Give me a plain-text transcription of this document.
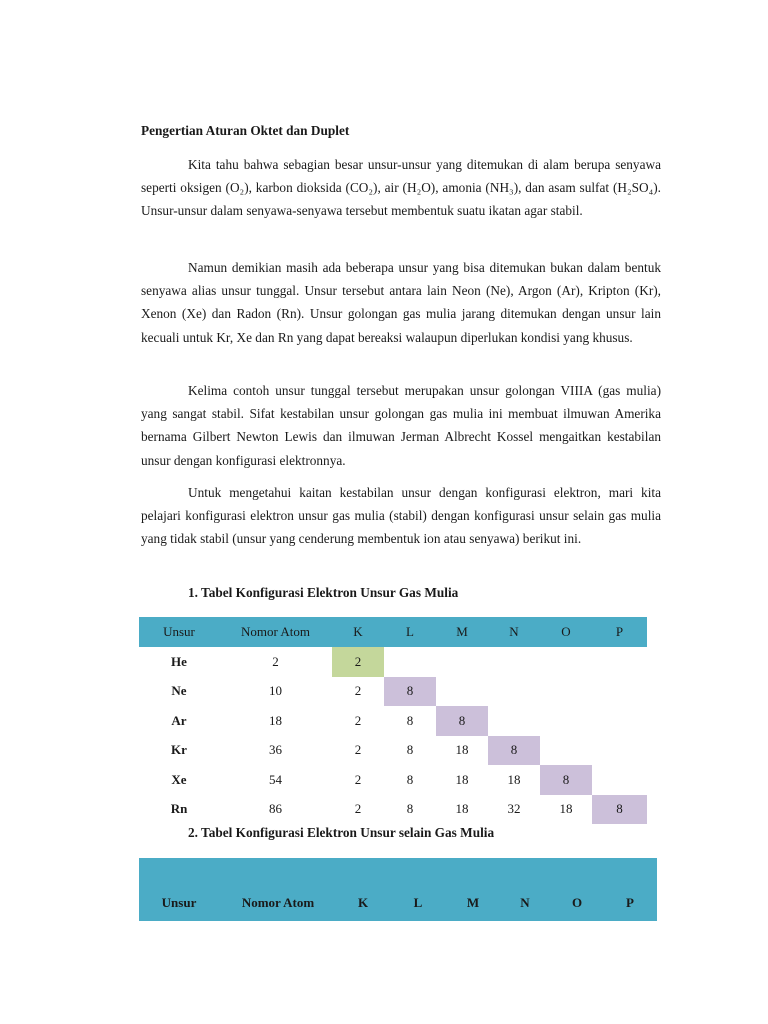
Pengertian Aturan Oktet dan Duplet

Kita tahu bahwa sebagian besar unsur-unsur yang ditemukan di alam berupa senyawa seperti oksigen (O₂), karbon dioksida (CO₂), air (H₂O), amonia (NH₃), dan asam sulfat (H₂SO₄). Unsur-unsur dalam senyawa-senyawa tersebut membentuk suatu ikatan agar stabil.

Namun demikian masih ada beberapa unsur yang bisa ditemukan bukan dalam bentuk senyawa alias unsur tunggal. Unsur tersebut antara lain Neon (Ne), Argon (Ar), Kripton (Kr), Xenon (Xe) dan Radon (Rn). Unsur golongan gas mulia jarang ditemukan dengan unsur lain kecuali untuk Kr, Xe dan Rn yang dapat bereaksi walaupun diperlukan kondisi yang khusus.

Kelima contoh unsur tunggal tersebut merupakan unsur golongan VIIIA (gas mulia) yang sangat stabil. Sifat kestabilan unsur golongan gas mulia ini membuat ilmuwan Amerika bernama Gilbert Newton Lewis dan ilmuwan Jerman Albrecht Kossel mengaitkan kestabilan unsur dengan konfigurasi elektronnya.

Untuk mengetahui kaitan kestabilan unsur dengan konfigurasi elektron, mari kita pelajari konfigurasi elektron unsur gas mulia (stabil) dengan konfigurasi unsur selain gas mulia yang tidak stabil (unsur yang cenderung membentuk ion atau senyawa) berikut ini.

1. Tabel Konfigurasi Elektron Unsur Gas Mulia

Unsur	Nomor Atom	K	L	M	N	O	P
He	2	2					
Ne	10	2	8				
Ar	18	2	8	8			
Kr	36	2	8	18	8		
Xe	54	2	8	18	18	8	
Rn	86	2	8	18	32	18	8

2. Tabel Konfigurasi Elektron Unsur selain Gas Mulia

Unsur	Nomor Atom	K	L	M	N	O	P
